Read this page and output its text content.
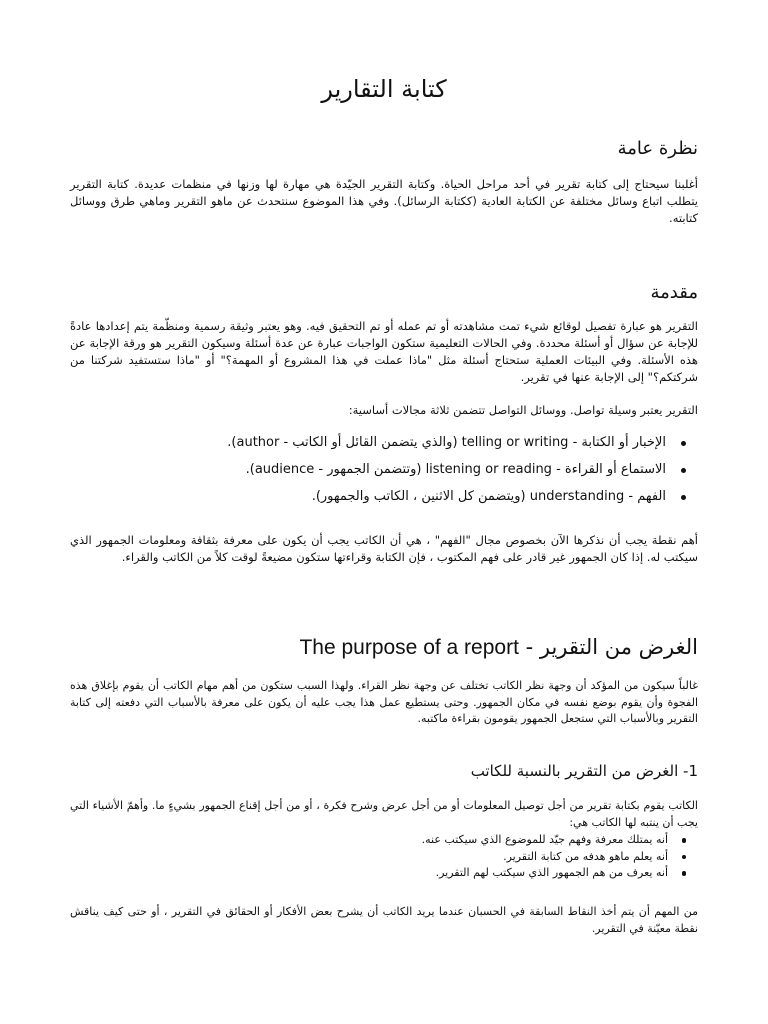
كتابة التقارير
نظرة عامة
أغلبنا سيحتاج إلى كتابة تقرير في أحد مراحل الحياة. وكتابة التقرير الجيّدة هي مهارة لها وزنها في منظمات عديدة. كتابة التقرير يتطلب اتباع وسائل مختلفة عن الكتابة العادية (ككتابة الرسائل). وفي هذا الموضوع سنتحدث عن ماهو التقرير وماهي طرق ووسائل كتابته.
مقدمة
التقرير هو عبارة تفصيل لوقائع شيء تمت مشاهدته أو تم عمله أو تم التحقيق فيه. وهو يعتبر وثيقة رسمية ومنظّمة يتم إعدادها عادةً للإجابة عن سؤال أو أسئلة محددة. وفي الحالات التعليمية ستكون الواجبات عبارة عن عدة أسئلة وسيكون التقرير هو ورقة الإجابة عن هذه الأسئلة. وفي البيئات العملية ستحتاج أسئلة مثل "ماذا عملت في هذا المشروع أو المهمة؟" أو "ماذا ستستفيد شركتنا من شركتكم؟" إلى الإجابة عنها في تقرير.
التقرير يعتبر وسيلة تواصل. ووسائل التواصل تتضمن ثلاثة مجالات أساسية:
الإخبار أو الكتابة - telling or writing (والذي يتضمن القائل أو الكاتب - author).
الاستماع أو القراءة - listening or reading (وتتضمن الجمهور - audience).
الفهم - understanding (ويتضمن كل الاثنين ، الكاتب والجمهور).
أهم نقطة يجب أن نذكرها الآن بخصوص مجال "الفهم" ، هي أن الكاتب يجب أن يكون على معرفة بثقافة ومعلومات الجمهور الذي سيكتب له. إذا كان الجمهور غير قادر على فهم المكتوب ، فإن الكتابة وقراءتها ستكون مضيعةً لوقت كلاً من الكاتب والقراء.
الغرض من التقرير - The purpose of a report
غالباً سيكون من المؤكد أن وجهة نظر الكاتب تختلف عن وجهة نظر القراء. ولهذا السبب ستكون من أهم مهام الكاتب أن يقوم بإغلاق هذه الفجوة وأن يقوم بوضع نفسه في مكان الجمهور. وحتى يستطيع عمل هذا يجب عليه أن يكون على معرفة بالأسباب التي دفعته إلى كتابة التقرير وبالأسباب التي ستجعل الجمهور يقومون بقراءة ماكتبه.
1- الغرض من التقرير بالنسبة للكاتب
الكاتب يقوم بكتابة تقرير من أجل توصيل المعلومات أو من أجل عرض وشرح فكرة ، أو من أجل إقناع الجمهور بشيءٍ ما. وأهمّ الأشياء التي يجب أن ينتبه لها الكاتب هي:
أنه يمتلك معرفة وفهم جيّد للموضوع الذي سيكتب عنه.
أنه يعلم ماهو هدفه من كتابة التقرير.
أنه يعرف من هم الجمهور الذي سيكتب لهم التقرير.
من المهم أن يتم أخذ النقاط السابقة في الحسبان عندما يريد الكاتب أن يشرح بعض الأفكار أو الحقائق في التقرير ، أو حتى كيف يناقش نقطة معيّنة في التقرير.
